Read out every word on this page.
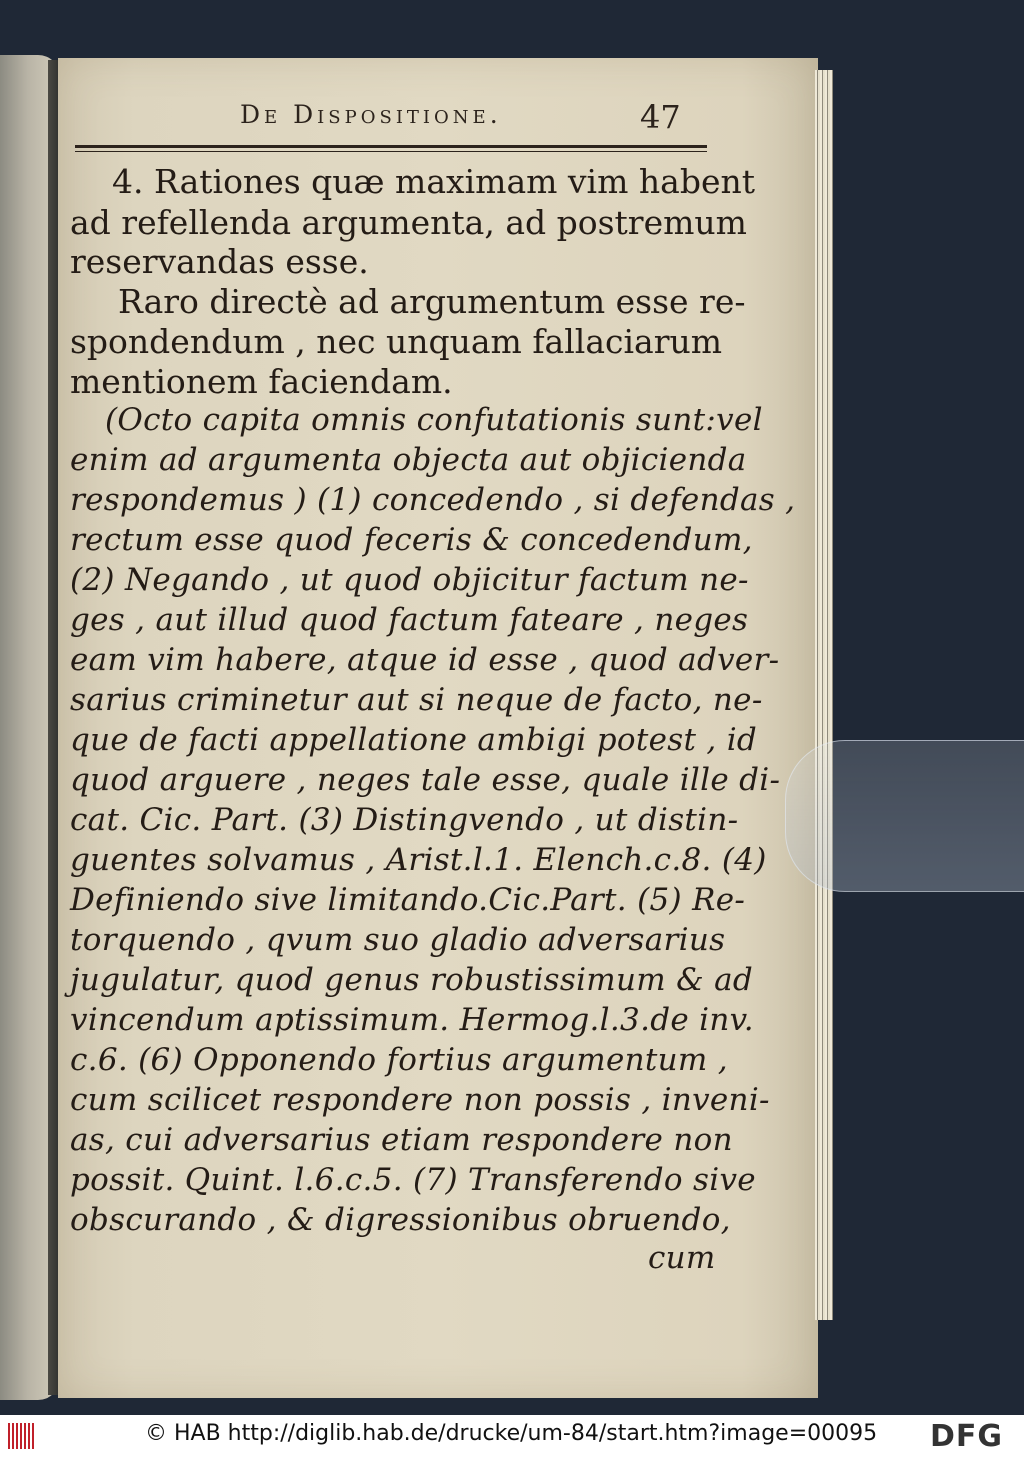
De Dispositione.	47
4. Rationes quæ maximam vim habent
ad refellenda argumenta, ad postremum
reservandas esse.
Raro directè ad argumentum esse re-
spondendum , nec unquam fallaciarum
mentionem faciendam.
(Octo capita omnis confutationis sunt:vel
enim ad argumenta objecta aut objicienda
respondemus ) (1) concedendo , si defendas ,
rectum esse quod feceris & concedendum,
(2) Negando , ut quod objicitur factum ne-
ges , aut illud quod factum fateare , neges
eam vim habere, atque id esse , quod adver-
sarius criminetur aut si neque de facto, ne-
que de facti appellatione ambigi potest , id
quod arguere , neges tale esse, quale ille di-
cat. Cic. Part. (3) Distingvendo , ut distin-
guentes solvamus , Arist.l.1. Elench.c.8. (4)
Definiendo sive limitando.Cic.Part. (5) Re-
torquendo , qvum suo gladio adversarius
jugulatur, quod genus robustissimum & ad
vincendum aptissimum. Hermog.l.3.de inv.
c.6. (6) Opponendo fortius argumentum ,
cum scilicet respondere non possis , inveni-
as, cui adversarius etiam respondere non
possit. Quint. l.6.c.5. (7) Transferendo sive
obscurando , & digressionibus obruendo,
cum
© HAB http://diglib.hab.de/drucke/um-84/start.htm?image=00095 DFG
